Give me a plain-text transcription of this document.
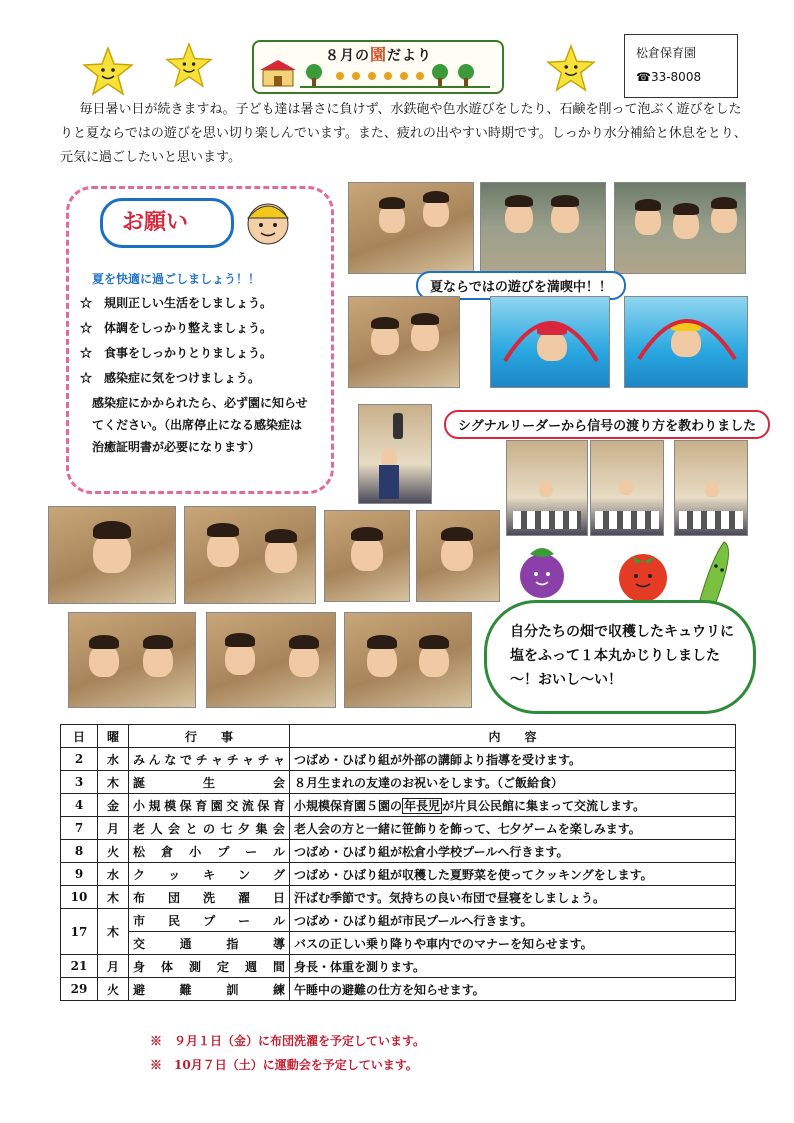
８月の園だより	松倉保育園
☎33-8008
毎日暑い日が続きますね。子ども達は暑さに負けず、水鉄砲や色水遊びをしたり、石鹸を削って泡ぶく遊びをしたりと夏ならではの遊びを思い切り楽しんでいます。また、疲れの出やすい時期です。しっかり水分補給と休息をとり、元気に過ごしたいと思います。
お願い
夏を快適に過ごしましょう！！
☆　規則正しい生活をしましょう。
☆　体調をしっかり整えましょう。
☆　食事をしっかりとりましょう。
☆　感染症に気をつけましょう。
感染症にかかられたら、必ず園に知らせてください。（出席停止になる感染症は治癒証明書が必要になります）
夏ならではの遊びを満喫中！！
シグナルリーダーから信号の渡り方を教わりました
自分たちの畑で収穫したキュウリに塩をふって１本丸かじりしました～！おいし～い！
日	曜	行　　事	内　　容
2	水	みんなでチャチャチャ	つばめ・ひばり組が外部の講師より指導を受けます。
3	木	誕生会	８月生まれの友達のお祝いをします。（ご飯給食）
4	金	小規模保育園交流保育	小規模保育園５園の 年長児 が片貝公民館に集まって交流します。
7	月	老人会との七夕集会	老人会の方と一緒に笹飾りを飾って、七夕ゲームを楽しみます。
8	火	松倉小プール	つばめ・ひばり組が松倉小学校プールへ行きます。
9	水	クッキング	つばめ・ひばり組が収穫した夏野菜を使ってクッキングをします。
10	木	布団洗濯日	汗ばむ季節です。気持ちの良い布団で昼寝をしましょう。
17	木	市民プール	つばめ・ひばり組が市民プールへ行きます。
		交通指導	バスの正しい乗り降りや車内でのマナーを知らせます。
21	月	身体測定週間	身長・体重を測ります。
29	火	避難訓練	午睡中の避難の仕方を知らせます。
※　９月１日（金）に布団洗濯を予定しています。
※　10月７日（土）に運動会を予定しています。
